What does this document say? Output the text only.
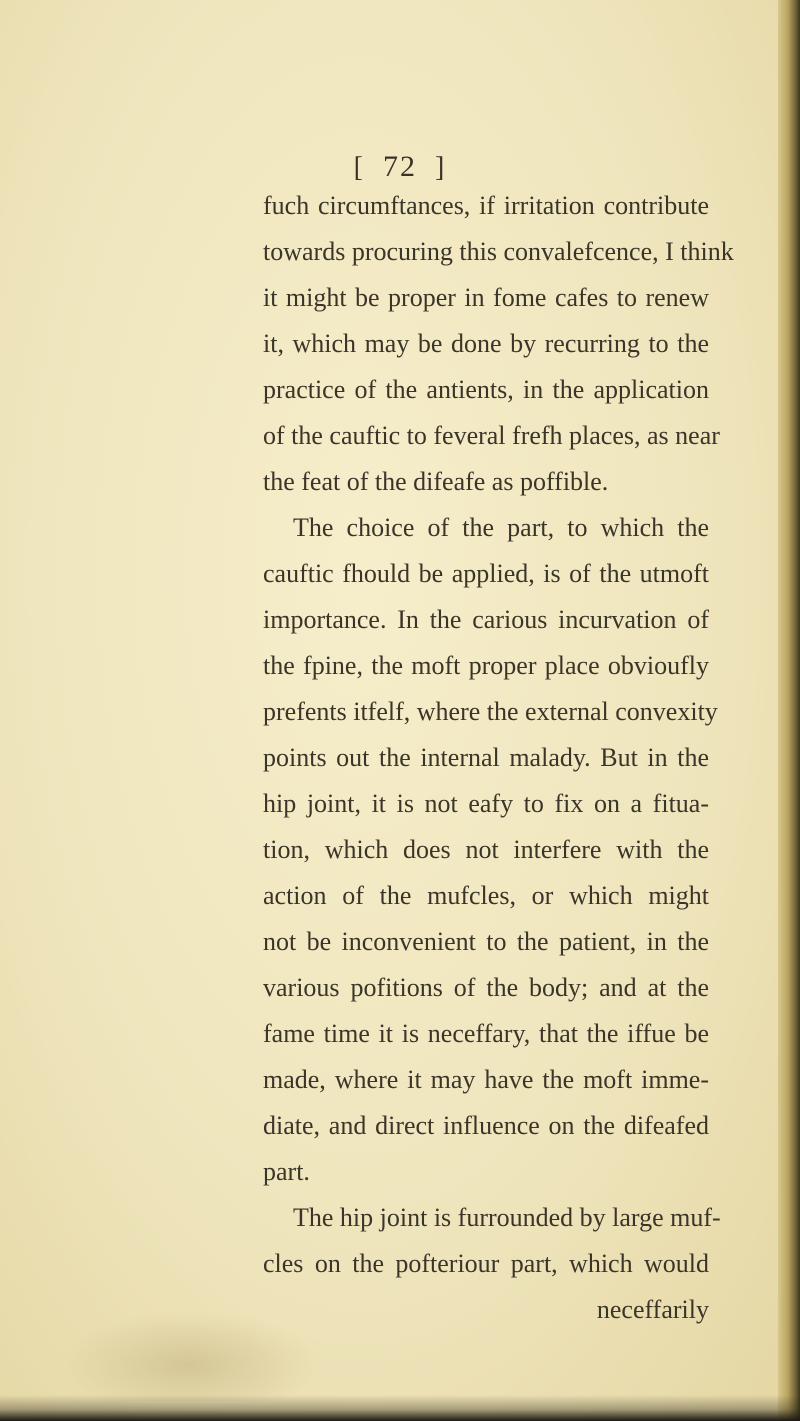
[ 72 ]
fuch circumftances, if irritation contribute
towards procuring this convalefcence, I think
it might be proper in fome cafes to renew
it, which may be done by recurring to the
practice of the antients, in the application
of the cauftic to feveral frefh places, as near
the feat of the difeafe as poffible.
The choice of the part, to which the
cauftic fhould be applied, is of the utmoft
importance. In the carious incurvation of
the fpine, the moft proper place obvioufly
prefents itfelf, where the external convexity
points out the internal malady. But in the
hip joint, it is not eafy to fix on a fitua-
tion, which does not interfere with the
action of the mufcles, or which might
not be inconvenient to the patient, in the
various pofitions of the body; and at the
fame time it is neceffary, that the iffue be
made, where it may have the moft imme-
diate, and direct influence on the difeafed
part.
The hip joint is furrounded by large muf-
cles on the pofteriour part, which would
neceffarily
